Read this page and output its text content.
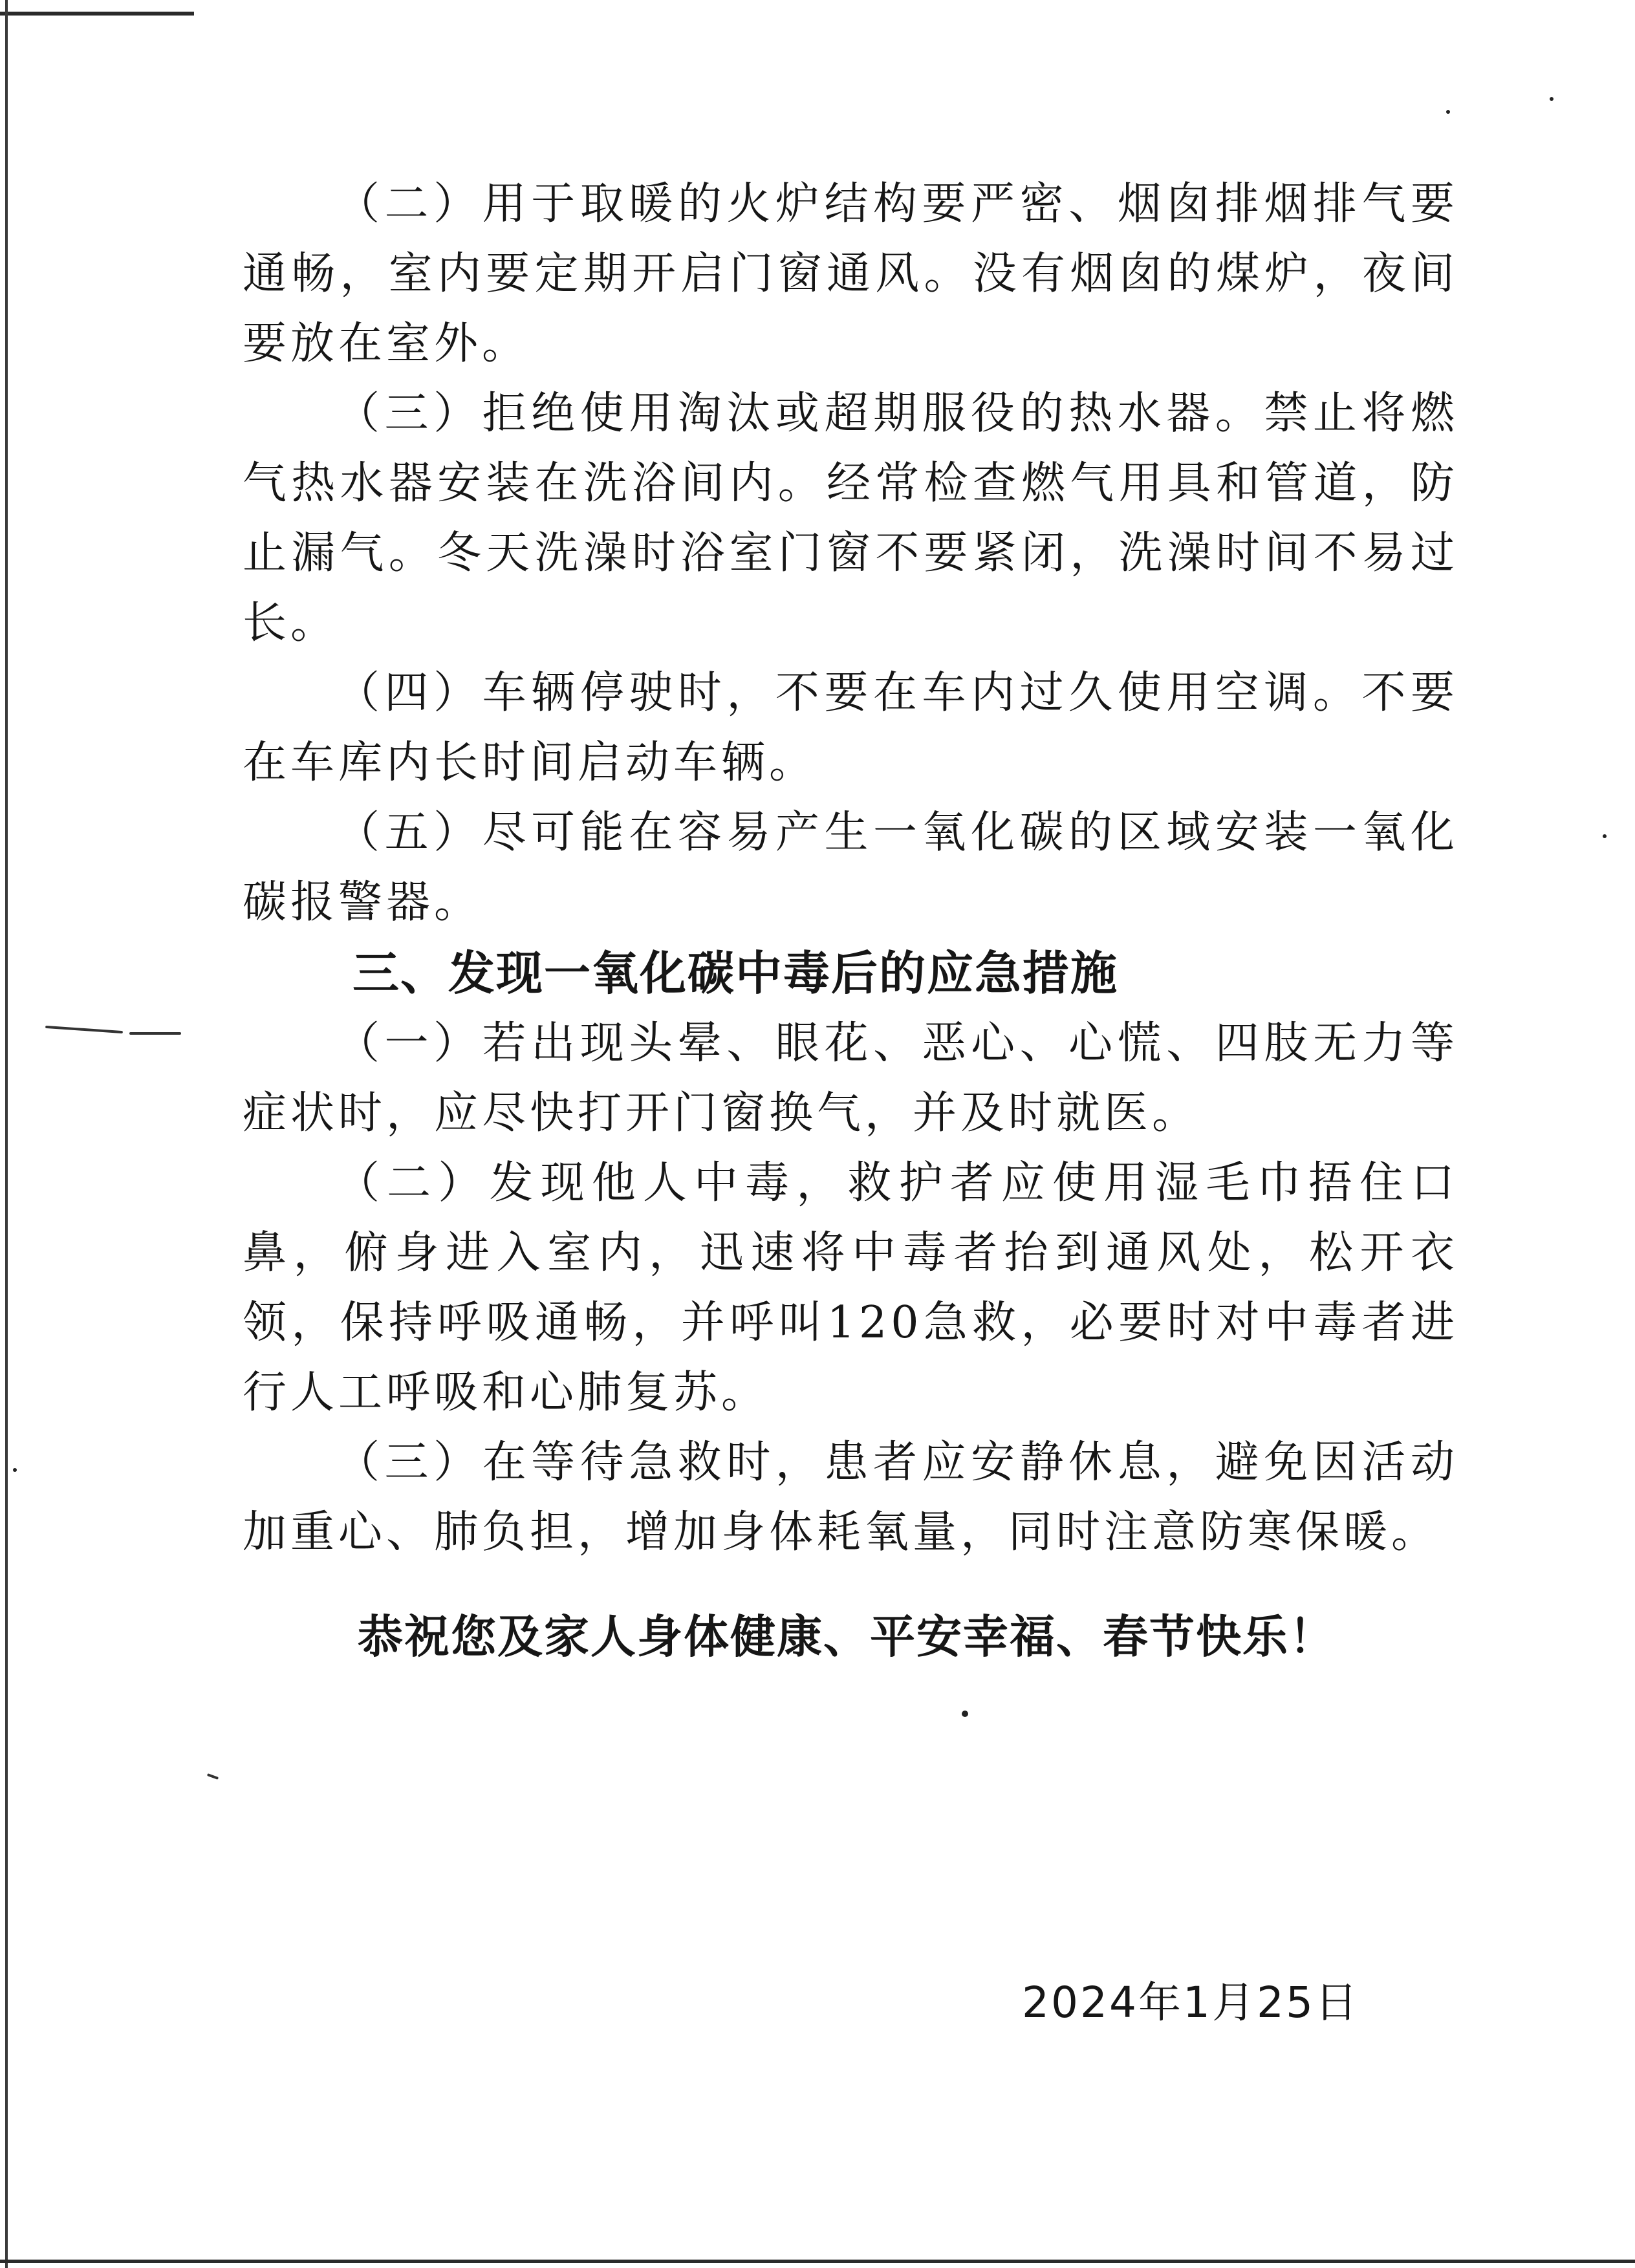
（二）用于取暖的火炉结构要严密、烟囱排烟排气要通畅，室内要定期开启门窗通风。没有烟囱的煤炉，夜间要放在室外。

（三）拒绝使用淘汰或超期服役的热水器。禁止将燃气热水器安装在洗浴间内。经常检查燃气用具和管道，防止漏气。冬天洗澡时浴室门窗不要紧闭，洗澡时间不易过长。

（四）车辆停驶时，不要在车内过久使用空调。不要在车库内长时间启动车辆。

（五）尽可能在容易产生一氧化碳的区域安装一氧化碳报警器。

三、发现一氧化碳中毒后的应急措施

（一）若出现头晕、眼花、恶心、心慌、四肢无力等症状时，应尽快打开门窗换气，并及时就医。

（二）发现他人中毒，救护者应使用湿毛巾捂住口鼻，俯身进入室内，迅速将中毒者抬到通风处，松开衣领，保持呼吸通畅，并呼叫120急救，必要时对中毒者进行人工呼吸和心肺复苏。

（三）在等待急救时，患者应安静休息，避免因活动加重心、肺负担，增加身体耗氧量，同时注意防寒保暖。

恭祝您及家人身体健康、平安幸福、春节快乐！

2024年1月25日
